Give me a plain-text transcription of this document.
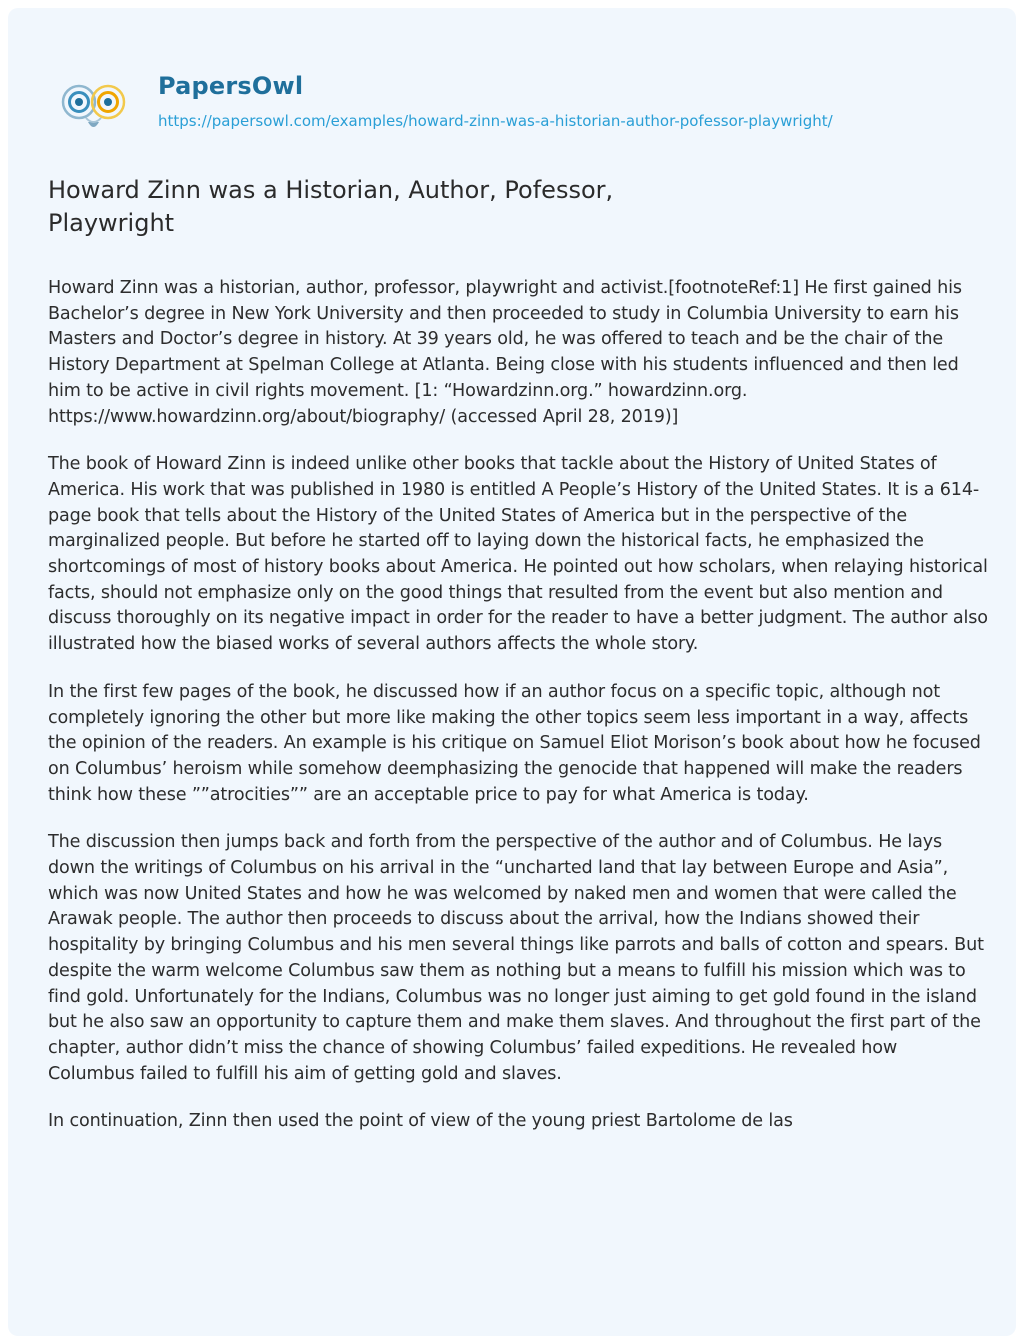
PapersOwl
https://papersowl.com/examples/howard-zinn-was-a-historian-author-pofessor-playwright/
Howard Zinn was a Historian, Author, Pofessor, Playwright

Howard Zinn was a historian, author, professor, playwright and activist.[footnoteRef:1] He first gained his Bachelor’s degree in New York University and then proceeded to study in Columbia University to earn his Masters and Doctor’s degree in history. At 39 years old, he was offered to teach and be the chair of the History Department at Spelman College at Atlanta. Being close with his students influenced and then led him to be active in civil rights movement. [1: “Howardzinn.org.” howardzinn.org. https://www.howardzinn.org/about/biography/ (accessed April 28, 2019)]

The book of Howard Zinn is indeed unlike other books that tackle about the History of United States of America. His work that was published in 1980 is entitled A People’s History of the United States. It is a 614-page book that tells about the History of the United States of America but in the perspective of the marginalized people. But before he started off to laying down the historical facts, he emphasized the shortcomings of most of history books about America. He pointed out how scholars, when relaying historical facts, should not emphasize only on the good things that resulted from the event but also mention and discuss thoroughly on its negative impact in order for the reader to have a better judgment. The author also illustrated how the biased works of several authors affects the whole story.

In the first few pages of the book, he discussed how if an author focus on a specific topic, although not completely ignoring the other but more like making the other topics seem less important in a way, affects the opinion of the readers. An example is his critique on Samuel Eliot Morison’s book about how he focused on Columbus’ heroism while somehow deemphasizing the genocide that happened will make the readers think how these ””atrocities”” are an acceptable price to pay for what America is today.

The discussion then jumps back and forth from the perspective of the author and of Columbus. He lays down the writings of Columbus on his arrival in the “uncharted land that lay between Europe and Asia”, which was now United States and how he was welcomed by naked men and women that were called the Arawak people. The author then proceeds to discuss about the arrival, how the Indians showed their hospitality by bringing Columbus and his men several things like parrots and balls of cotton and spears. But despite the warm welcome Columbus saw them as nothing but a means to fulfill his mission which was to find gold. Unfortunately for the Indians, Columbus was no longer just aiming to get gold found in the island but he also saw an opportunity to capture them and make them slaves. And throughout the first part of the chapter, author didn’t miss the chance of showing Columbus’ failed expeditions. He revealed how Columbus failed to fulfill his aim of getting gold and slaves.

In continuation, Zinn then used the point of view of the young priest Bartolome de las
